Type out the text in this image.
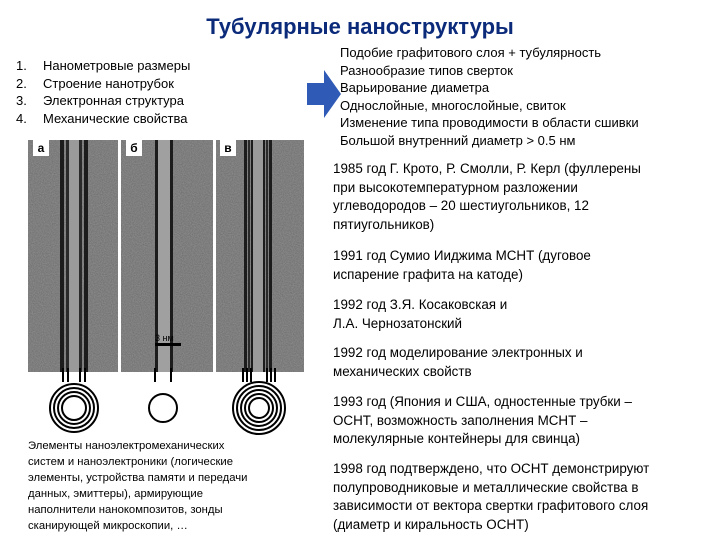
Тубулярные наноструктуры
1.	Нанометровые размеры
2.	Строение нанотрубок
3.	Электронная структура
4.	Механические свойства
Подобие графитового слоя + тубулярность
Разнообразие типов сверток
Варьирование диаметра
Однослойные, многослойные, свиток
Изменение типа проводимости в области сшивки
Большой внутренний диаметр > 0.5 нм
1985 год Г. Крото, Р. Смолли, Р. Керл (фуллерены
при высокотемпературном разложении
углеводородов – 20 шестиугольников, 12
пятиугольников)
1991 год Сумио Ииджима МСНТ (дуговое
испарение графита на катоде)
1992 год З.Я. Косаковская и
Л.А. Чернозатонский
1992 год моделирование электронных и
механических свойств
1993 год (Япония и США, одностенные трубки –
ОСНТ, возможность заполнения МСНТ –
молекулярные контейнеры для свинца)
1998 год подтверждено, что ОСНТ демонстрируют
полупроводниковые и металлические свойства в
зависимости от вектора свертки графитового слоя
(диаметр и киральность ОСНТ)
а	б	в
3 нм
Элементы наноэлектромеханических
систем и наноэлектроники (логические
элементы, устройства памяти и передачи
данных, эмиттеры), армирующие
наполнители нанокомпозитов, зонды
сканирующей микроскопии, …
